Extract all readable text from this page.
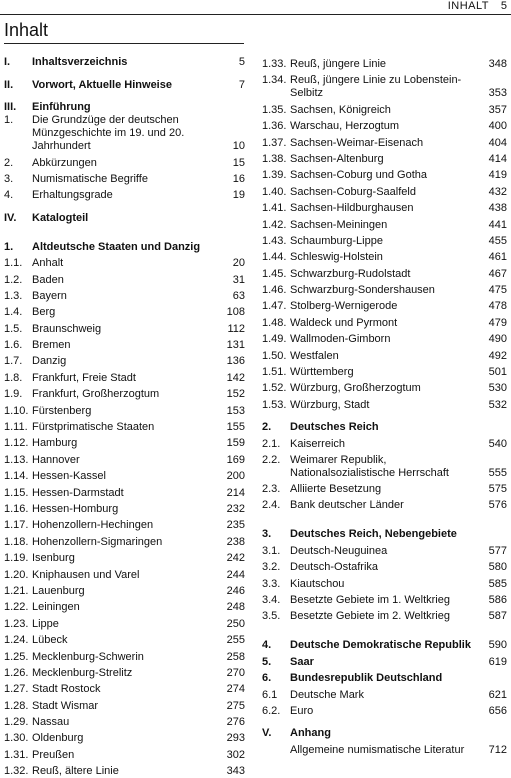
INHALT 5
Inhalt
I.	Inhaltsverzeichnis	5
II.	Vorwort, Aktuelle Hinweise	7
III.	Einführung
1.	Die Grundzüge der deutschen Münzgeschichte im 19. und 20. Jahrhundert	10
2.	Abkürzungen	15
3.	Numismatische Begriffe	16
4.	Erhaltungsgrade	19
IV.	Katalogteil
1.	Altdeutsche Staaten und Danzig
1.1. Anhalt	20
1.2. Baden	31
1.3. Bayern	63
1.4. Berg	108
1.5. Braunschweig	112
1.6. Bremen	131
1.7. Danzig	136
1.8. Frankfurt, Freie Stadt	142
1.9. Frankfurt, Großherzogtum	152
1.10. Fürstenberg	153
1.11. Fürstprimatische Staaten	155
1.12. Hamburg	159
1.13. Hannover	169
1.14. Hessen-Kassel	200
1.15. Hessen-Darmstadt	214
1.16. Hessen-Homburg	232
1.17. Hohenzollern-Hechingen	235
1.18. Hohenzollern-Sigmaringen	238
1.19. Isenburg	242
1.20. Kniphausen und Varel	244
1.21. Lauenburg	246
1.22. Leiningen	248
1.23. Lippe	250
1.24. Lübeck	255
1.25. Mecklenburg-Schwerin	258
1.26. Mecklenburg-Strelitz	270
1.27. Stadt Rostock	274
1.28. Stadt Wismar	275
1.29. Nassau	276
1.30. Oldenburg	293
1.31. Preußen	302
1.32. Reuß, ältere Linie	343
1.33. Reuß, jüngere Linie	348
1.34. Reuß, jüngere Linie zu Lobenstein-Selbitz	353
1.35. Sachsen, Königreich	357
1.36. Warschau, Herzogtum	400
1.37. Sachsen-Weimar-Eisenach	404
1.38. Sachsen-Altenburg	414
1.39. Sachsen-Coburg und Gotha	419
1.40. Sachsen-Coburg-Saalfeld	432
1.41. Sachsen-Hildburghausen	438
1.42. Sachsen-Meiningen	441
1.43. Schaumburg-Lippe	455
1.44. Schleswig-Holstein	461
1.45. Schwarzburg-Rudolstadt	467
1.46. Schwarzburg-Sondershausen	475
1.47. Stolberg-Wernigerode	478
1.48. Waldeck und Pyrmont	479
1.49. Wallmoden-Gimborn	490
1.50. Westfalen	492
1.51. Württemberg	501
1.52. Würzburg, Großherzogtum	530
1.53. Würzburg, Stadt	532
2.	Deutsches Reich
2.1. Kaiserreich	540
2.2. Weimarer Republik, Nationalsozialistische Herrschaft	555
2.3. Alliierte Besetzung	575
2.4. Bank deutscher Länder	576
3.	Deutsches Reich, Nebengebiete
3.1. Deutsch-Neuguinea	577
3.2. Deutsch-Ostafrika	580
3.3. Kiautschou	585
3.4. Besetzte Gebiete im 1. Weltkrieg	586
3.5. Besetzte Gebiete im 2. Weltkrieg	587
4.	Deutsche Demokratische Republik	590
5.	Saar	619
6.	Bundesrepublik Deutschland
6.1	Deutsche Mark	621
6.2. Euro	656
V.	Anhang
Allgemeine numismatische Literatur	712
